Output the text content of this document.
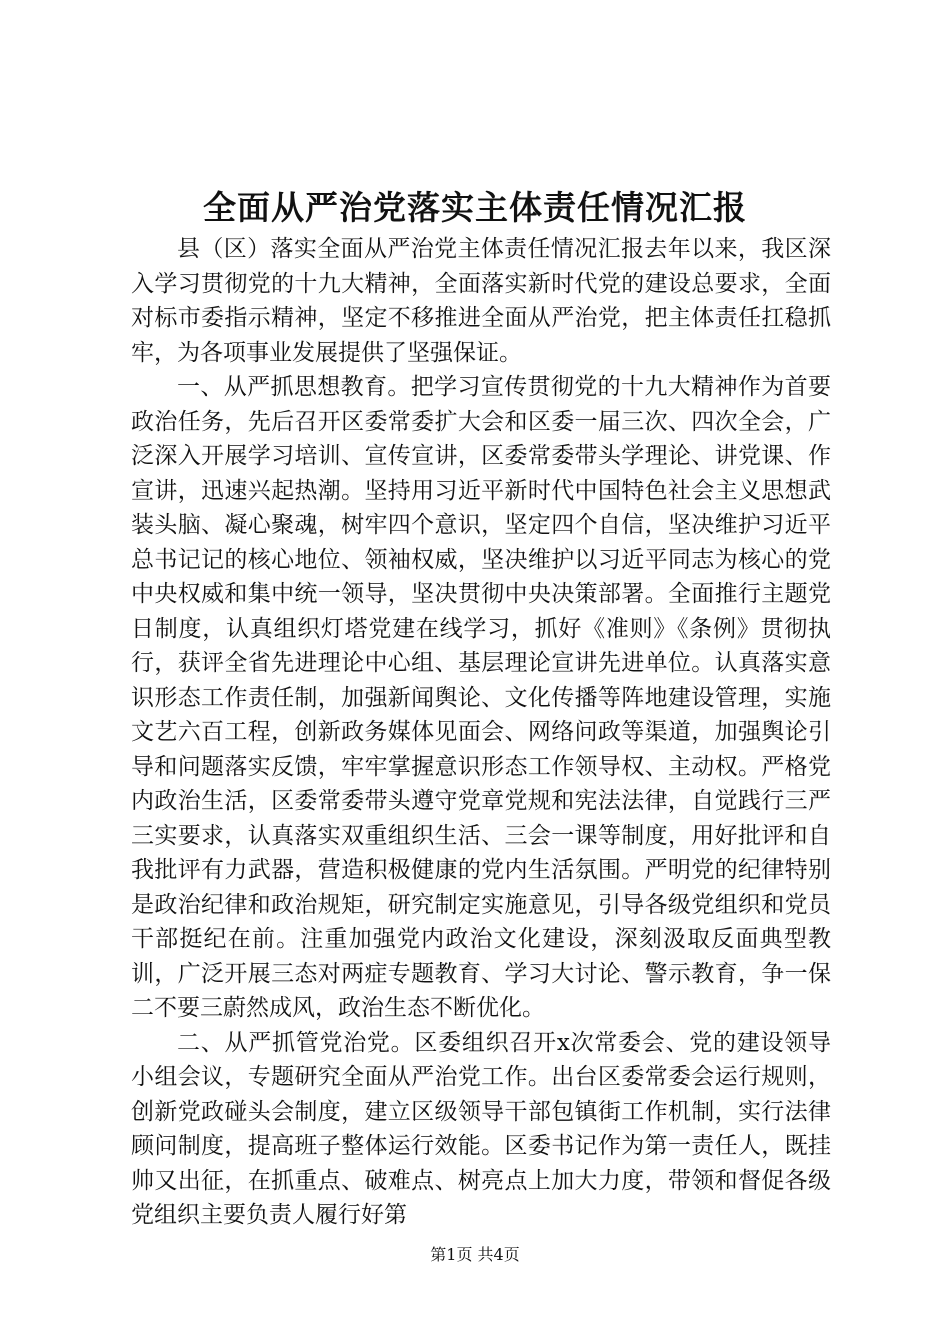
全面从严治党落实主体责任情况汇报

县（区）落实全面从严治党主体责任情况汇报去年以来，我区深入学习贯彻党的十九大精神，全面落实新时代党的建设总要求，全面对标市委指示精神，坚定不移推进全面从严治党，把主体责任扛稳抓牢，为各项事业发展提供了坚强保证。

一、从严抓思想教育。把学习宣传贯彻党的十九大精神作为首要政治任务，先后召开区委常委扩大会和区委一届三次、四次全会，广泛深入开展学习培训、宣传宣讲，区委常委带头学理论、讲党课、作宣讲，迅速兴起热潮。坚持用习近平新时代中国特色社会主义思想武装头脑、凝心聚魂，树牢四个意识，坚定四个自信，坚决维护习近平总书记记的核心地位、领袖权威，坚决维护以习近平同志为核心的党中央权威和集中统一领导，坚决贯彻中央决策部署。全面推行主题党日制度，认真组织灯塔党建在线学习，抓好《准则》《条例》贯彻执行，获评全省先进理论中心组、基层理论宣讲先进单位。认真落实意识形态工作责任制，加强新闻舆论、文化传播等阵地建设管理，实施文艺六百工程，创新政务媒体见面会、网络问政等渠道，加强舆论引导和问题落实反馈，牢牢掌握意识形态工作领导权、主动权。严格党内政治生活，区委常委带头遵守党章党规和宪法法律，自觉践行三严三实要求，认真落实双重组织生活、三会一课等制度，用好批评和自我批评有力武器，营造积极健康的党内生活氛围。严明党的纪律特别是政治纪律和政治规矩，研究制定实施意见，引导各级党组织和党员干部挺纪在前。注重加强党内政治文化建设，深刻汲取反面典型教训，广泛开展三态对两症专题教育、学习大讨论、警示教育，争一保二不要三蔚然成风，政治生态不断优化。

二、从严抓管党治党。区委组织召开x次常委会、党的建设领导小组会议，专题研究全面从严治党工作。出台区委常委会运行规则，创新党政碰头会制度，建立区级领导干部包镇街工作机制，实行法律顾问制度，提高班子整体运行效能。区委书记作为第一责任人，既挂帅又出征，在抓重点、破难点、树亮点上加大力度，带领和督促各级党组织主要负责人履行好第

第1页 共4页
